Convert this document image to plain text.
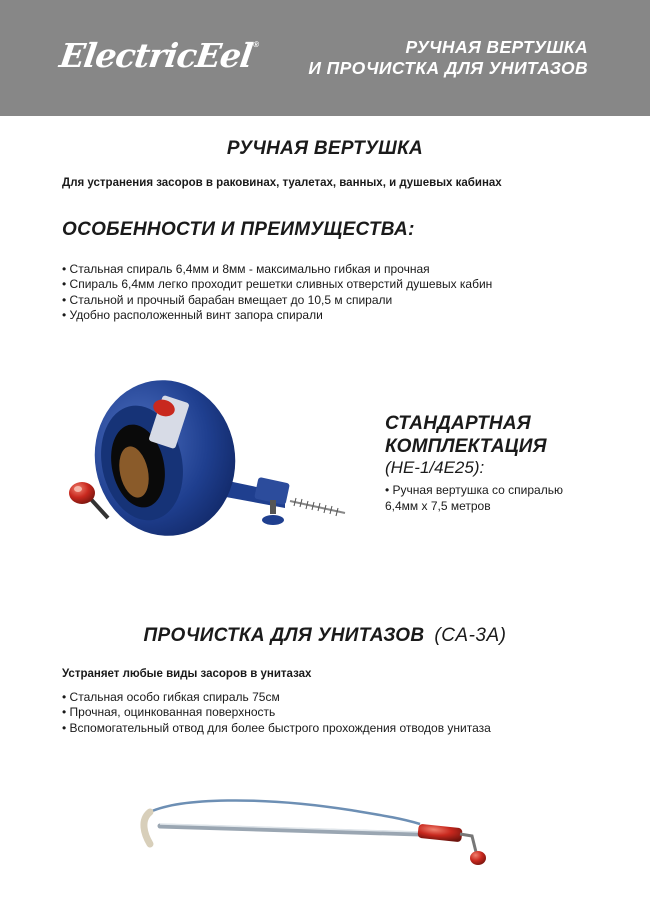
ElectricEel®	РУЧНАЯ ВЕРТУШКА
И ПРОЧИСТКА ДЛЯ УНИТАЗОВ
РУЧНАЯ ВЕРТУШКА
Для устранения засоров в раковинах, туалетах, ванных, и душевых кабинах
ОСОБЕННОСТИ И ПРЕИМУЩЕСТВА:
• Стальная спираль 6,4мм и 8мм - максимально гибкая и прочная
• Спираль 6,4мм легко проходит решетки сливных отверстий душевых кабин
• Стальной и прочный барабан вмещает до 10,5 м спирали
• Удобно расположенный винт запора спирали
СТАНДАРТНАЯ
КОМПЛЕКТАЦИЯ
(HE-1/4E25):
• Ручная вертушка со спиралью 6,4мм х 7,5 метров
ПРОЧИСТКА ДЛЯ УНИТАЗОВ (CA-3A)
Устраняет любые виды засоров в унитазах
• Стальная особо гибкая спираль 75см
• Прочная, оцинкованная поверхность
• Вспомогательный отвод для более быстрого прохождения отводов унитаза
